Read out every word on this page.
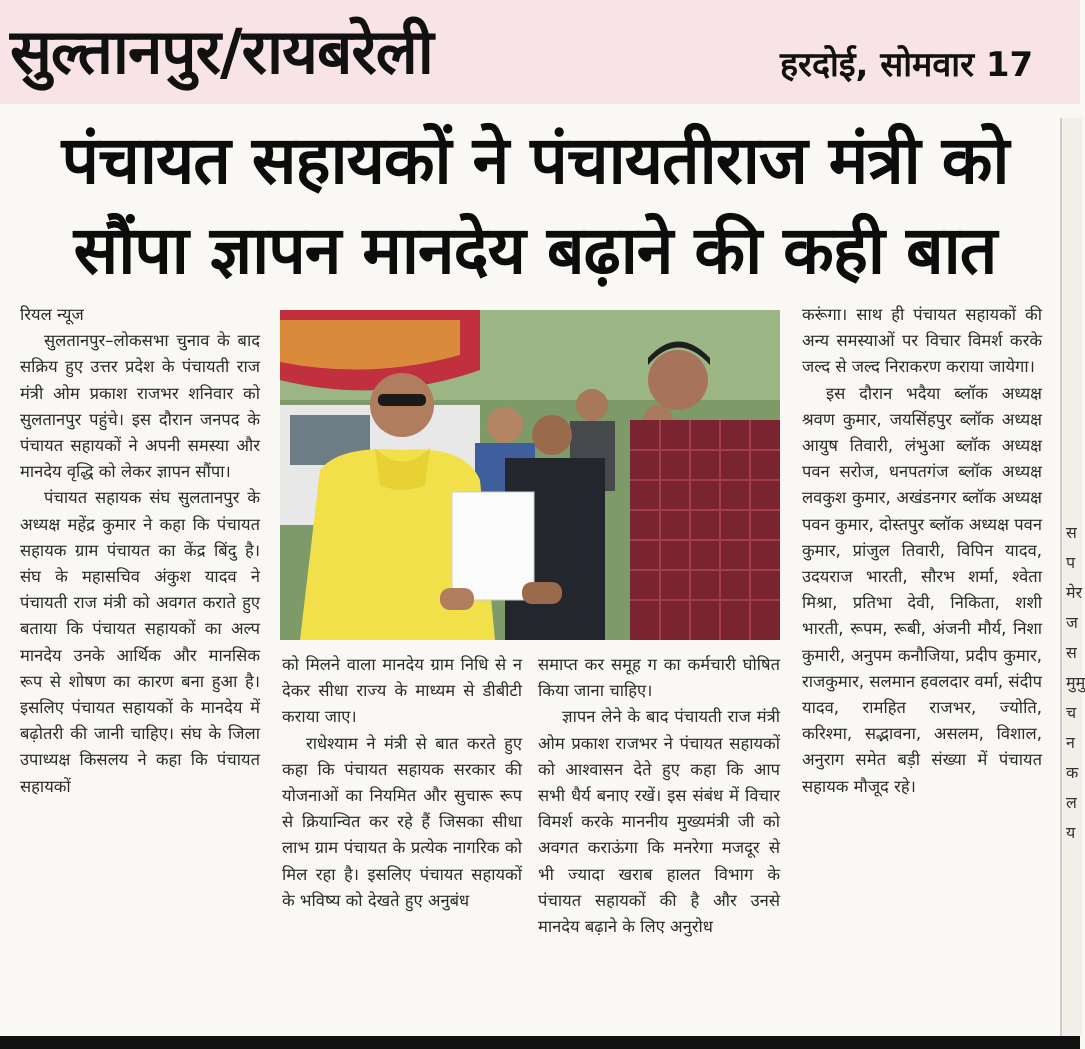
सुल्तानपुर/रायबरेली	हरदोई, सोमवार 17
पंचायत सहायकों ने पंचायतीराज मंत्री को
सौंपा ज्ञापन मानदेय बढ़ाने की कही बात

रियल न्यूज

सुलतानपुर–लोकसभा चुनाव के बाद सक्रिय हुए उत्तर प्रदेश के पंचायती राज मंत्री ओम प्रकाश राजभर शनिवार को सुलतानपुर पहुंचे। इस दौरान जनपद के पंचायत सहायकों ने अपनी समस्या और मानदेय वृद्धि को लेकर ज्ञापन सौंपा।

पंचायत सहायक संघ सुलतानपुर के अध्यक्ष महेंद्र कुमार ने कहा कि पंचायत सहायक ग्राम पंचायत का केंद्र बिंदु है। संघ के महासचिव अंकुश यादव ने पंचायती राज मंत्री को अवगत कराते हुए बताया कि पंचायत सहायकों का अल्प मानदेय उनके आर्थिक और मानसिक रूप से शोषण का कारण बना हुआ है। इसलिए पंचायत सहायकों के मानदेय में बढ़ोतरी की जानी चाहिए। संघ के जिला उपाध्यक्ष किसलय ने कहा कि पंचायत सहायकों

को मिलने वाला मानदेय ग्राम निधि से न देकर सीधा राज्य के माध्यम से डीबीटी कराया जाए।

राधेश्याम ने मंत्री से बात करते हुए कहा कि पंचायत सहायक सरकार की योजनाओं का नियमित और सुचारू रूप से क्रियान्वित कर रहे हैं जिसका सीधा लाभ ग्राम पंचायत के प्रत्येक नागरिक को मिल रहा है। इसलिए पंचायत सहायकों के भविष्य को देखते हुए अनुबंध

समाप्त कर समूह ग का कर्मचारी घोषित किया जाना चाहिए।

ज्ञापन लेने के बाद पंचायती राज मंत्री ओम प्रकाश राजभर ने पंचायत सहायकों को आश्वासन देते हुए कहा कि आप सभी धैर्य बनाए रखें। इस संबंध में विचार विमर्श करके माननीय मुख्यमंत्री जी को अवगत कराऊंगा कि मनरेगा मजदूर से भी ज्यादा खराब हालत विभाग के पंचायत सहायकों की है और उनसे मानदेय बढ़ाने के लिए अनुरोध

करूंगा। साथ ही पंचायत सहायकों की अन्य समस्याओं पर विचार विमर्श करके जल्द से जल्द निराकरण कराया जायेगा।

इस दौरान भदैया ब्लॉक अध्यक्ष श्रवण कुमार, जयसिंहपुर ब्लॉक अध्यक्ष आयुष तिवारी, लंभुआ ब्लॉक अध्यक्ष पवन सरोज, धनपतगंज ब्लॉक अध्यक्ष लवकुश कुमार, अखंडनगर ब्लॉक अध्यक्ष पवन कुमार, दोस्तपुर ब्लॉक अध्यक्ष पवन कुमार, प्रांजुल तिवारी, विपिन यादव, उदयराज भारती, सौरभ शर्मा, श्वेता मिश्रा, प्रतिभा देवी, निकिता, शशी भारती, रूपम, रूबी, अंजनी मौर्य, निशा कुमारी, अनुपम कनौजिया, प्रदीप कुमार, राजकुमार, सलमान हवलदार वर्मा, संदीप यादव, रामहित राजभर, ज्योति, करिश्मा, सद्भावना, असलम, विशाल, अनुराग समेत बड़ी संख्या में पंचायत सहायक मौजूद रहे।

सपमेरजसमुमुचनकलय
